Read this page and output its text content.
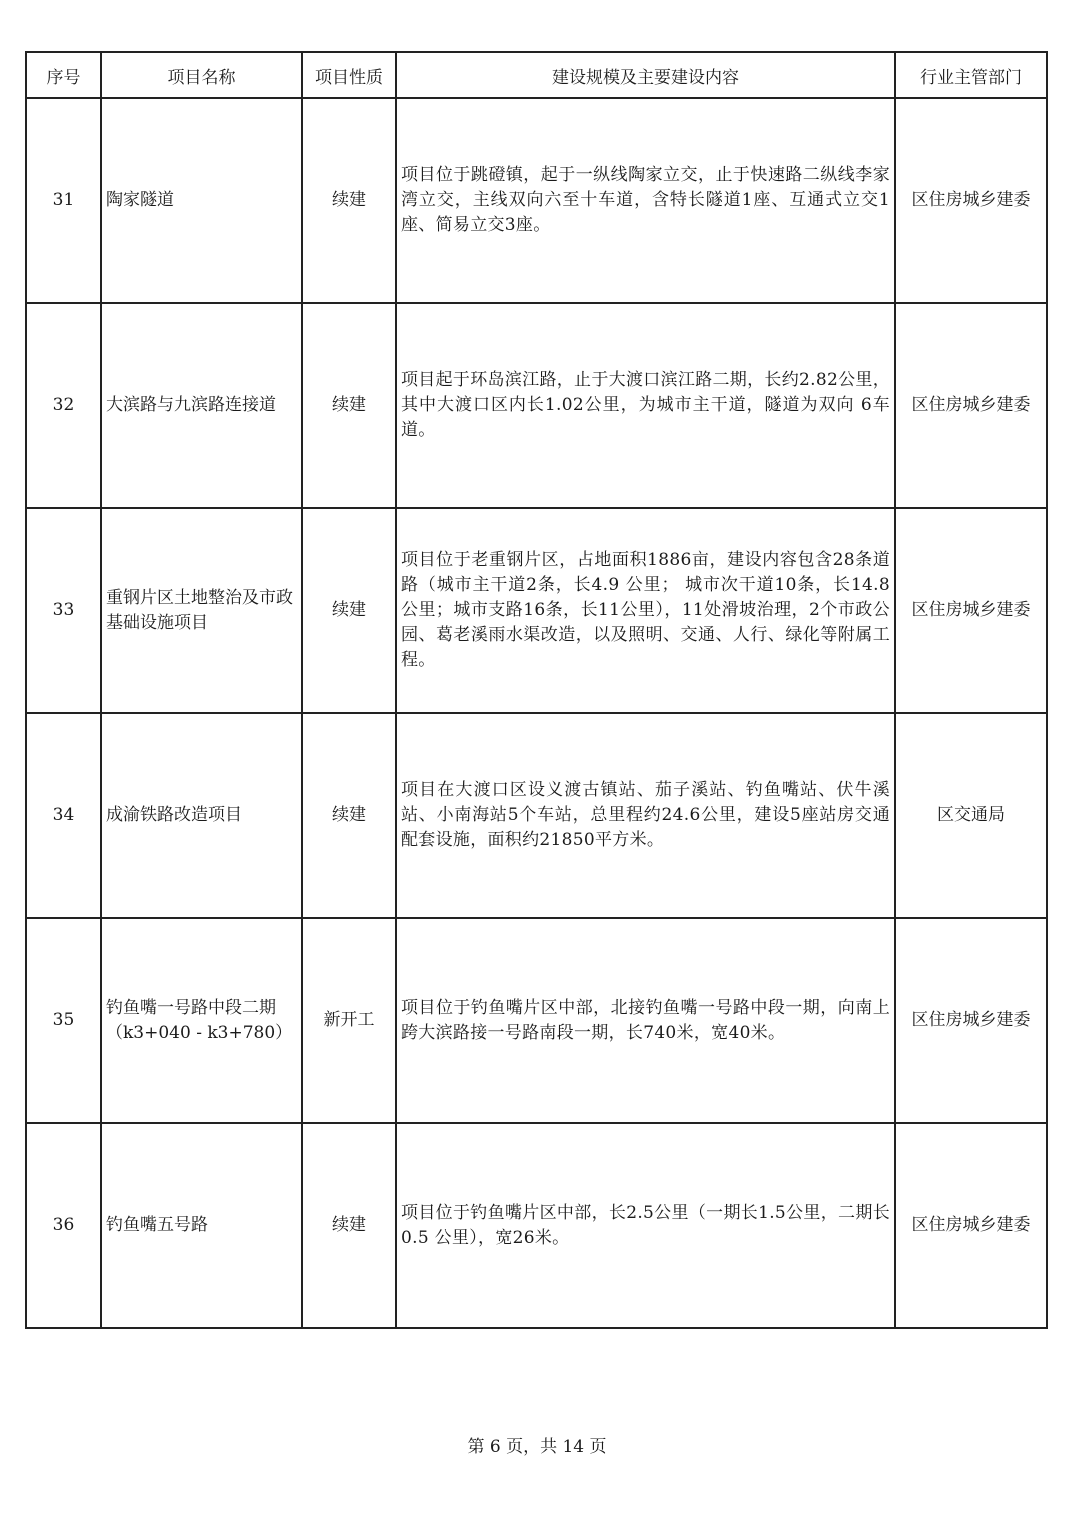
序号	项目名称	项目性质	建设规模及主要建设内容	行业主管部门
31	陶家隧道	续建	项目位于跳磴镇，起于一纵线陶家立交，止于快速路二纵线李家湾立交，主线双向六至十车道，含特长隧道1座、互通式立交1座、简易立交3座。	区住房城乡建委
32	大滨路与九滨路连接道	续建	项目起于环岛滨江路，止于大渡口滨江路二期，长约2.82公里，其中大渡口区内长1.02公里，为城市主干道，隧道为双向 6车道。	区住房城乡建委
33	重钢片区土地整治及市政基础设施项目	续建	项目位于老重钢片区，占地面积1886亩，建设内容包含28条道路（城市主干道2条，长4.9 公里； 城市次干道10条，长14.8公里；城市支路16条，长11公里），11处滑坡治理，2个市政公园、葛老溪雨水渠改造，以及照明、交通、人行、绿化等附属工程。	区住房城乡建委
34	成渝铁路改造项目	续建	项目在大渡口区设义渡古镇站、茄子溪站、钓鱼嘴站、伏牛溪站、小南海站5个车站，总里程约24.6公里，建设5座站房交通配套设施，面积约21850平方米。	区交通局
35	钓鱼嘴一号路中段二期（k3+040 - k3+780）	新开工	项目位于钓鱼嘴片区中部，北接钓鱼嘴一号路中段一期，向南上跨大滨路接一号路南段一期，长740米，宽40米。	区住房城乡建委
36	钓鱼嘴五号路	续建	项目位于钓鱼嘴片区中部，长2.5公里（一期长1.5公里，二期长0.5 公里），宽26米。	区住房城乡建委
第 6 页，共 14 页
